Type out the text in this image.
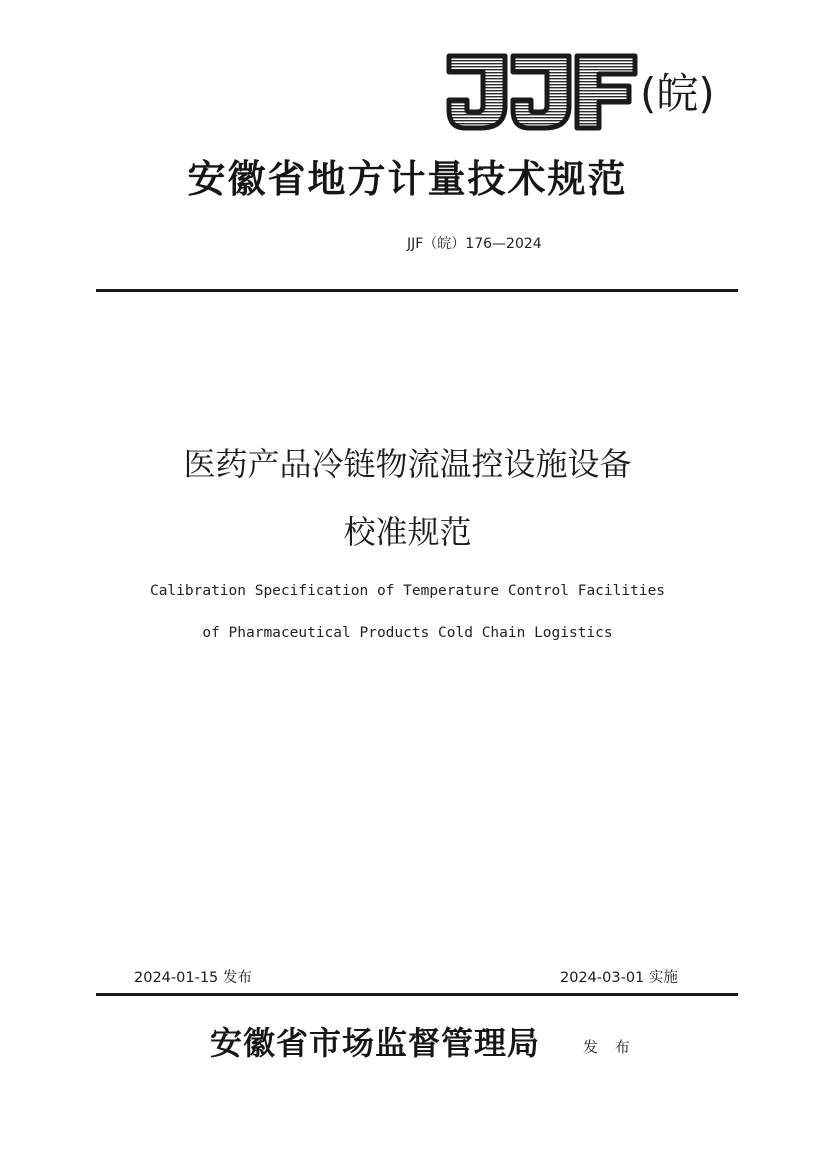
(皖)
安徽省地方计量技术规范
JJF（皖）176—2024
医药产品冷链物流温控设施设备
校准规范
Calibration Specification of Temperature Control Facilities
of Pharmaceutical Products Cold Chain Logistics
2024-01-15 发布	2024-03-01 实施
安徽省市场监督管理局	发 布
